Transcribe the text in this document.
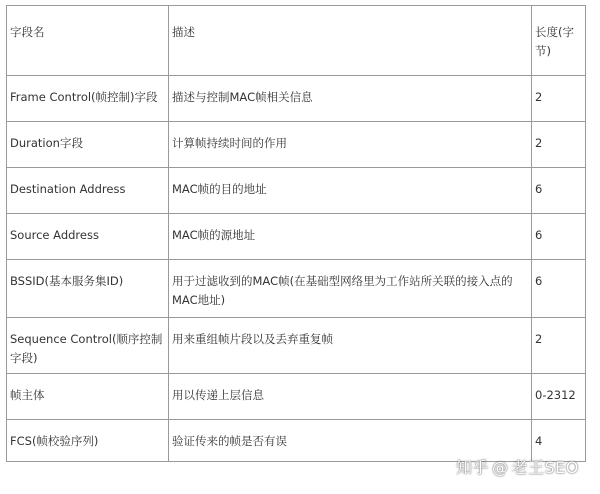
字段名	描述	长度(字节)

Frame Control(帧控制)字段	描述与控制MAC帧相关信息	2

Duration字段	计算帧持续时间的作用	2

Destination Address	MAC帧的目的地址	6

Source Address	MAC帧的源地址	6

BSSID(基本服务集ID)	用于过滤收到的MAC帧(在基础型网络里为工作站所关联的接入点的MAC地址)	6

Sequence Control(顺序控制字段)	用来重组帧片段以及丢弃重复帧	2

帧主体	用以传递上层信息	0-2312

FCS(帧校验序列)	验证传来的帧是否有误	4
知乎 @ 老王SEO
